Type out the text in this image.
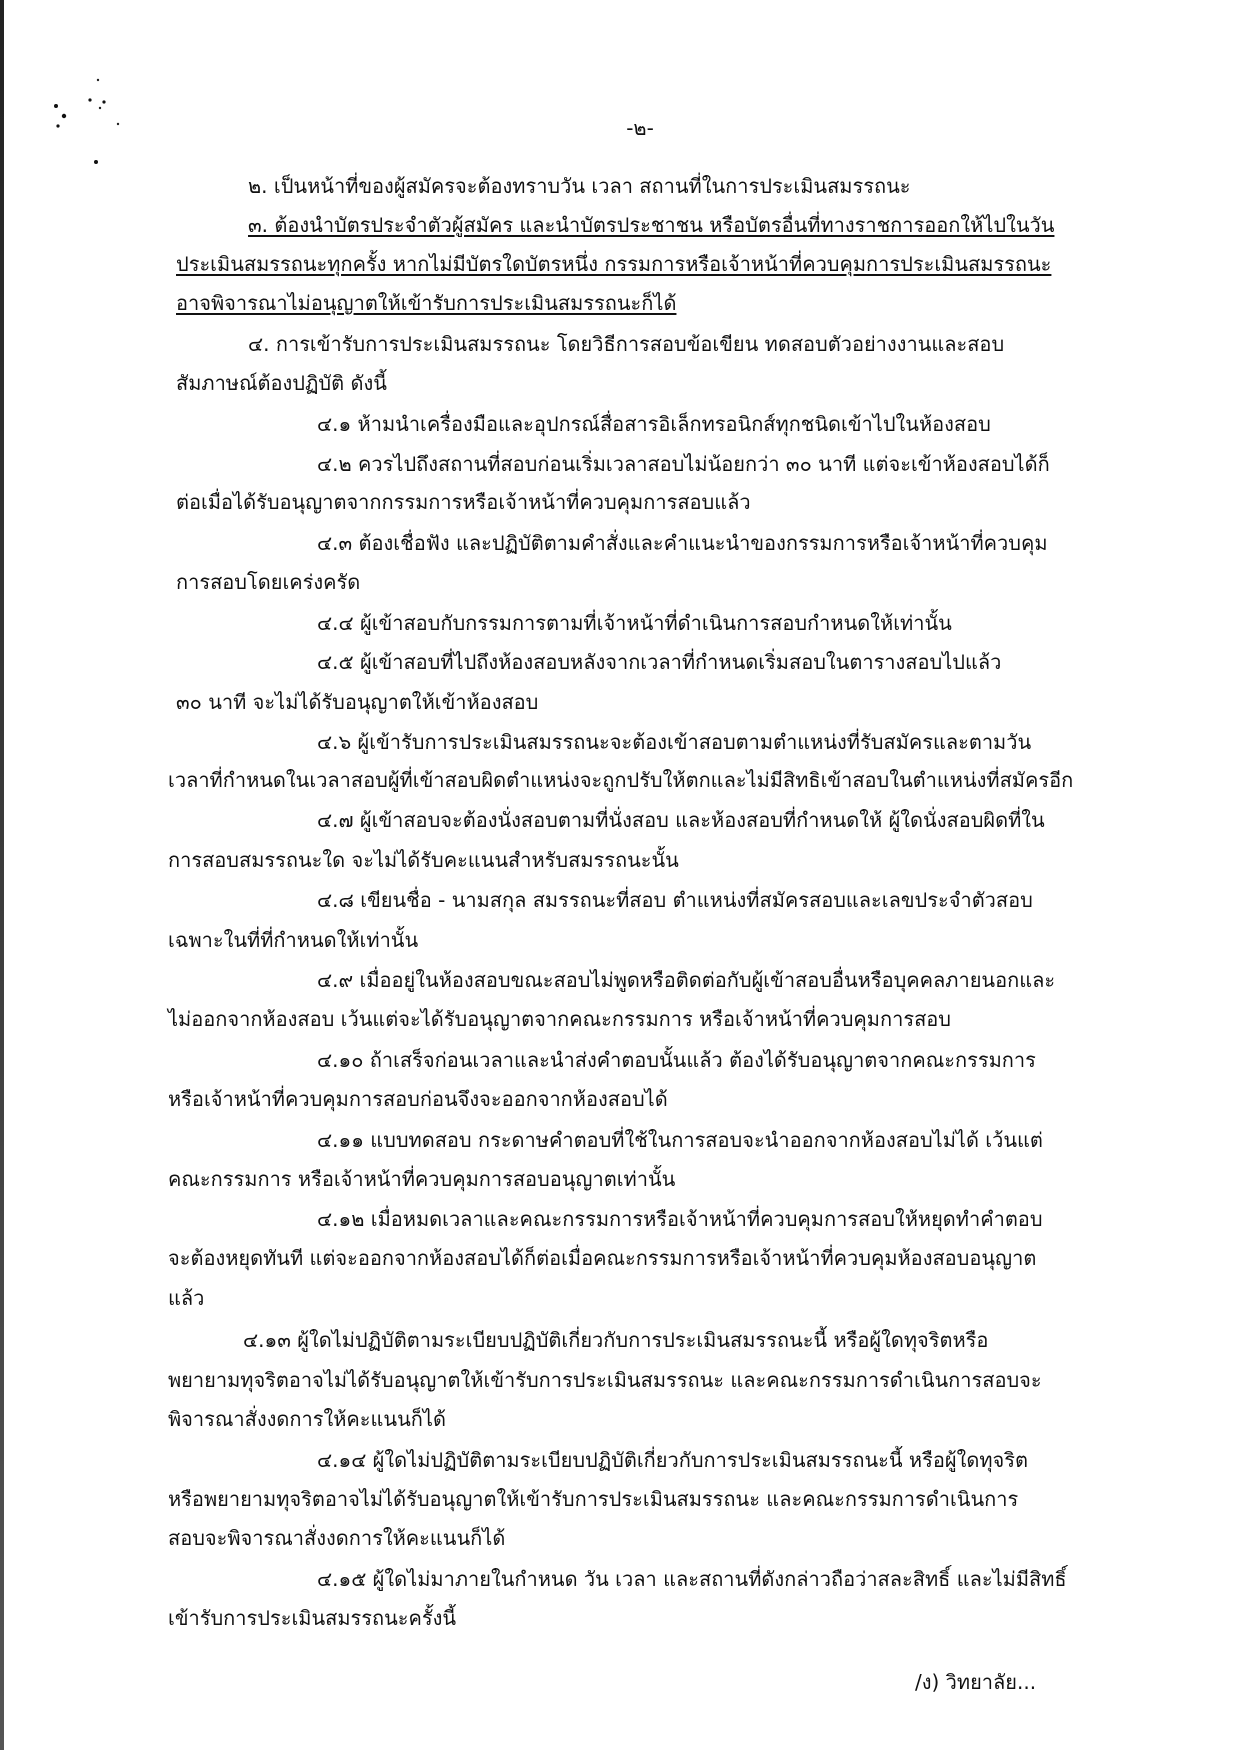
-๒-
๒. เป็นหน้าที่ของผู้สมัครจะต้องทราบวัน เวลา สถานที่ในการประเมินสมรรถนะ
๓. ต้องนำบัตรประจำตัวผู้สมัคร และนำบัตรประชาชน หรือบัตรอื่นที่ทางราชการออกให้ไปในวัน
ประเมินสมรรถนะทุกครั้ง หากไม่มีบัตรใดบัตรหนึ่ง กรรมการหรือเจ้าหน้าที่ควบคุมการประเมินสมรรถนะ
อาจพิจารณาไม่อนุญาตให้เข้ารับการประเมินสมรรถนะก็ได้
๔. การเข้ารับการประเมินสมรรถนะ โดยวิธีการสอบข้อเขียน ทดสอบตัวอย่างงานและสอบ
สัมภาษณ์ต้องปฏิบัติ ดังนี้
๔.๑ ห้ามนำเครื่องมือและอุปกรณ์สื่อสารอิเล็กทรอนิกส์ทุกชนิดเข้าไปในห้องสอบ
๔.๒ ควรไปถึงสถานที่สอบก่อนเริ่มเวลาสอบไม่น้อยกว่า ๓๐ นาที แต่จะเข้าห้องสอบได้ก็
ต่อเมื่อได้รับอนุญาตจากกรรมการหรือเจ้าหน้าที่ควบคุมการสอบแล้ว
๔.๓ ต้องเชื่อฟัง และปฏิบัติตามคำสั่งและคำแนะนำของกรรมการหรือเจ้าหน้าที่ควบคุม
การสอบโดยเคร่งครัด
๔.๔ ผู้เข้าสอบกับกรรมการตามที่เจ้าหน้าที่ดำเนินการสอบกำหนดให้เท่านั้น
๔.๕ ผู้เข้าสอบที่ไปถึงห้องสอบหลังจากเวลาที่กำหนดเริ่มสอบในตารางสอบไปแล้ว
๓๐ นาที จะไม่ได้รับอนุญาตให้เข้าห้องสอบ
๔.๖ ผู้เข้ารับการประเมินสมรรถนะจะต้องเข้าสอบตามตำแหน่งที่รับสมัครและตามวัน
เวลาที่กำหนดในเวลาสอบผู้ที่เข้าสอบผิดตำแหน่งจะถูกปรับให้ตกและไม่มีสิทธิเข้าสอบในตำแหน่งที่สมัครอีก
๔.๗ ผู้เข้าสอบจะต้องนั่งสอบตามที่นั่งสอบ และห้องสอบที่กำหนดให้ ผู้ใดนั่งสอบผิดที่ใน
การสอบสมรรถนะใด จะไม่ได้รับคะแนนสำหรับสมรรถนะนั้น
๔.๘ เขียนชื่อ - นามสกุล สมรรถนะที่สอบ ตำแหน่งที่สมัครสอบและเลขประจำตัวสอบ
เฉพาะในที่ที่กำหนดให้เท่านั้น
๔.๙ เมื่ออยู่ในห้องสอบขณะสอบไม่พูดหรือติดต่อกับผู้เข้าสอบอื่นหรือบุคคลภายนอกและ
ไม่ออกจากห้องสอบ เว้นแต่จะได้รับอนุญาตจากคณะกรรมการ หรือเจ้าหน้าที่ควบคุมการสอบ
๔.๑๐ ถ้าเสร็จก่อนเวลาและนำส่งคำตอบนั้นแล้ว ต้องได้รับอนุญาตจากคณะกรรมการ
หรือเจ้าหน้าที่ควบคุมการสอบก่อนจึงจะออกจากห้องสอบได้
๔.๑๑ แบบทดสอบ กระดาษคำตอบที่ใช้ในการสอบจะนำออกจากห้องสอบไม่ได้ เว้นแต่
คณะกรรมการ หรือเจ้าหน้าที่ควบคุมการสอบอนุญาตเท่านั้น
๔.๑๒ เมื่อหมดเวลาและคณะกรรมการหรือเจ้าหน้าที่ควบคุมการสอบให้หยุดทำคำตอบ
จะต้องหยุดทันที แต่จะออกจากห้องสอบได้ก็ต่อเมื่อคณะกรรมการหรือเจ้าหน้าที่ควบคุมห้องสอบอนุญาต
แล้ว
๔.๑๓ ผู้ใดไม่ปฏิบัติตามระเบียบปฏิบัติเกี่ยวกับการประเมินสมรรถนะนี้ หรือผู้ใดทุจริตหรือ
พยายามทุจริตอาจไม่ได้รับอนุญาตให้เข้ารับการประเมินสมรรถนะ และคณะกรรมการดำเนินการสอบจะ
พิจารณาสั่งงดการให้คะแนนก็ได้
๔.๑๔ ผู้ใดไม่ปฏิบัติตามระเบียบปฏิบัติเกี่ยวกับการประเมินสมรรถนะนี้ หรือผู้ใดทุจริต
หรือพยายามทุจริตอาจไม่ได้รับอนุญาตให้เข้ารับการประเมินสมรรถนะ และคณะกรรมการดำเนินการ
สอบจะพิจารณาสั่งงดการให้คะแนนก็ได้
๔.๑๕ ผู้ใดไม่มาภายในกำหนด วัน เวลา และสถานที่ดังกล่าวถือว่าสละสิทธิ์ และไม่มีสิทธิ์
เข้ารับการประเมินสมรรถนะครั้งนี้
/ง) วิทยาลัย...
